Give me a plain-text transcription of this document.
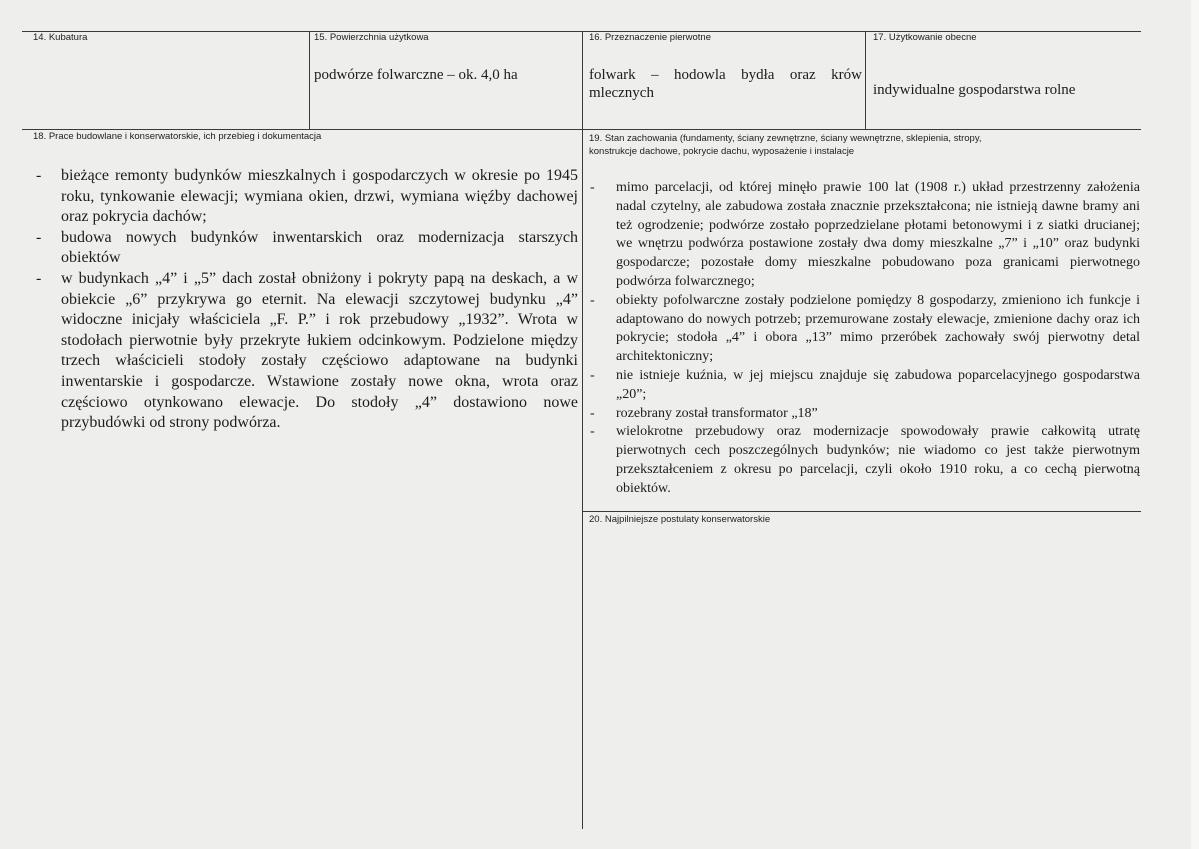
14. Kubatura	15. Powierzchnia użytkowa
podwórze folwarczne – ok. 4,0 ha
16. Przeznaczenie pierwotne
folwark – hodowla bydła oraz krów mlecznych
17. Użytkowanie obecne
indywidualne gospodarstwa rolne
18. Prace budowlane i konserwatorskie, ich przebieg i dokumentacja
- bieżące remonty budynków mieszkalnych i gospodarczych w okresie po 1945 roku, tynkowanie elewacji; wymiana okien, drzwi, wymiana więźby dachowej oraz pokrycia dachów;
- budowa nowych budynków inwentarskich oraz modernizacja starszych obiektów
- w budynkach „4” i „5” dach został obniżony i pokryty papą na deskach, a w obiekcie „6” przykrywa go eternit. Na elewacji szczytowej budynku „4” widoczne inicjały właściciela „F. P.” i rok przebudowy „1932”. Wrota w stodołach pierwotnie były przekryte łukiem odcinkowym. Podzielone między trzech właścicieli stodoły zostały częściowo adaptowane na budynki inwentarskie i gospodarcze. Wstawione zostały nowe okna, wrota oraz częściowo otynkowano elewacje. Do stodoły „4” dostawiono nowe przybudówki od strony podwórza.
19. Stan zachowania (fundamenty, ściany zewnętrzne, ściany wewnętrzne, sklepienia, stropy,
konstrukcje dachowe, pokrycie dachu, wyposażenie i instalacje
- mimo parcelacji, od której minęło prawie 100 lat (1908 r.) układ przestrzenny założenia nadal czytelny, ale zabudowa została znacznie przekształcona; nie istnieją dawne bramy ani też ogrodzenie; podwórze zostało poprzedzielane płotami betonowymi i z siatki drucianej; we wnętrzu podwórza postawione zostały dwa domy mieszkalne „7” i „10” oraz budynki gospodarcze; pozostałe domy mieszkalne pobudowano poza granicami pierwotnego podwórza folwarcznego;
- obiekty pofolwarczne zostały podzielone pomiędzy 8 gospodarzy, zmieniono ich funkcje i adaptowano do nowych potrzeb; przemurowane zostały elewacje, zmienione dachy oraz ich pokrycie; stodoła „4” i obora „13” mimo przeróbek zachowały swój pierwotny detal architektoniczny;
- nie istnieje kuźnia, w jej miejscu znajduje się zabudowa poparcelacyjnego gospodarstwa „20”;
- rozebrany został transformator „18”
- wielokrotne przebudowy oraz modernizacje spowodowały prawie całkowitą utratę pierwotnych cech poszczególnych budynków; nie wiadomo co jest także pierwotnym przekształceniem z okresu po parcelacji, czyli około 1910 roku, a co cechą pierwotną obiektów.
20. Najpilniejsze postulaty konserwatorskie
